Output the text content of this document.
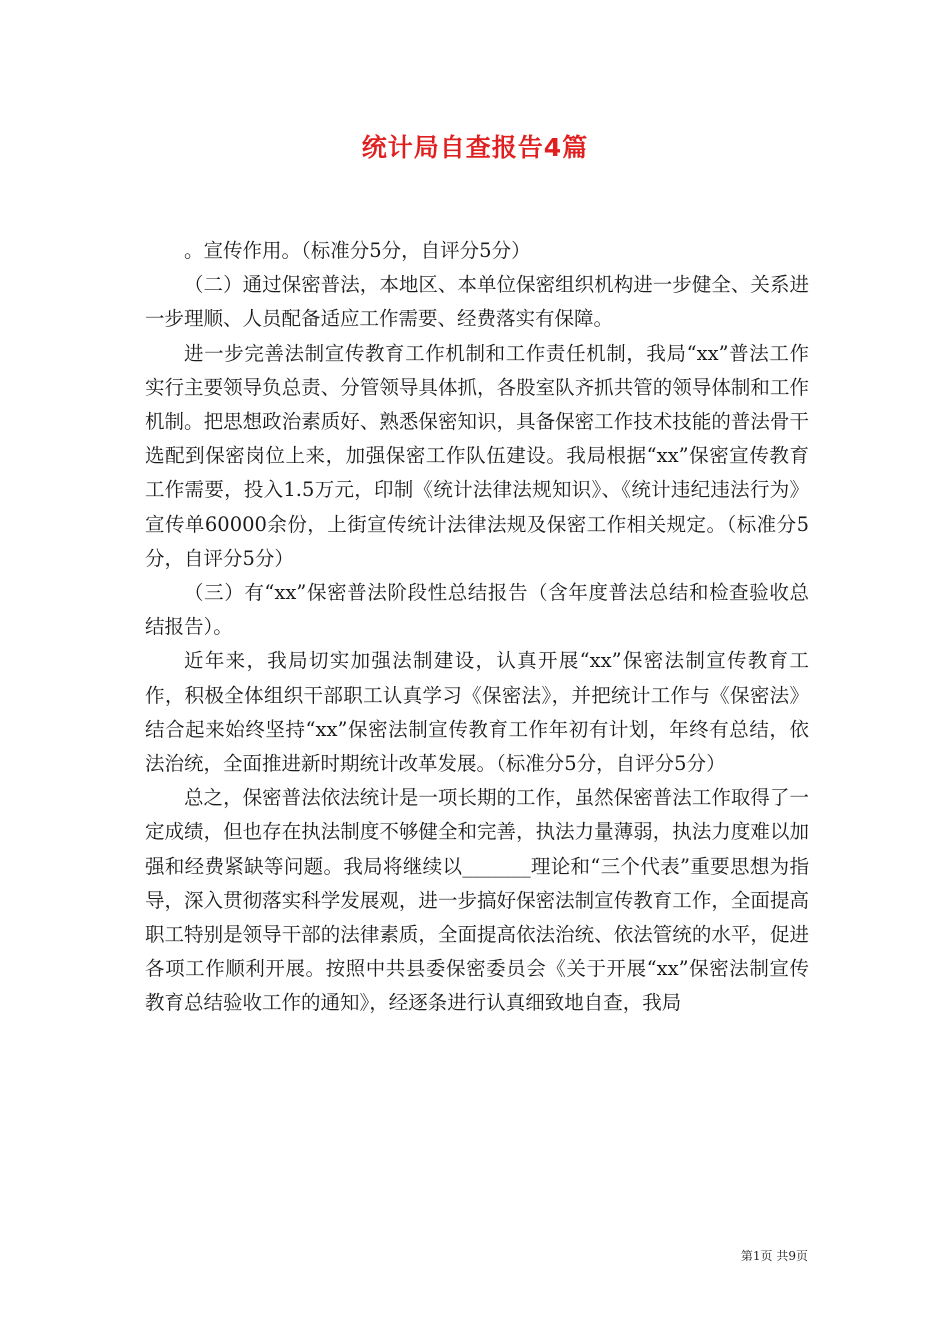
统计局自查报告4篇

。宣传作用。（标准分5分，自评分5分）

（二）通过保密普法，本地区、本单位保密组织机构进一步健全、关系进一步理顺、人员配备适应工作需要、经费落实有保障。

进一步完善法制宣传教育工作机制和工作责任机制，我局“xx”普法工作实行主要领导负总责、分管领导具体抓，各股室队齐抓共管的领导体制和工作机制。把思想政治素质好、熟悉保密知识，具备保密工作技术技能的普法骨干选配到保密岗位上来，加强保密工作队伍建设。我局根据“xx”保密宣传教育工作需要，投入1.5万元，印制《统计法律法规知识》、《统计违纪违法行为》宣传单60000余份，上街宣传统计法律法规及保密工作相关规定。（标准分5分，自评分5分）

（三）有“xx”保密普法阶段性总结报告（含年度普法总结和检查验收总结报告）。

近年来，我局切实加强法制建设，认真开展“xx”保密法制宣传教育工作，积极全体组织干部职工认真学习《保密法》，并把统计工作与《保密法》结合起来始终坚持“xx”保密法制宣传教育工作年初有计划，年终有总结，依法治统，全面推进新时期统计改革发展。（标准分5分，自评分5分）

总之，保密普法依法统计是一项长期的工作，虽然保密普法工作取得了一定成绩，但也存在执法制度不够健全和完善，执法力量薄弱，执法力度难以加强和经费紧缺等问题。我局将继续以_______理论和“三个代表”重要思想为指导，深入贯彻落实科学发展观，进一步搞好保密法制宣传教育工作，全面提高职工特别是领导干部的法律素质，全面提高依法治统、依法管统的水平，促进各项工作顺利开展。按照中共县委保密委员会《关于开展“xx”保密法制宣传教育总结验收工作的通知》，经逐条进行认真细致地自查，我局

第1页 共9页
